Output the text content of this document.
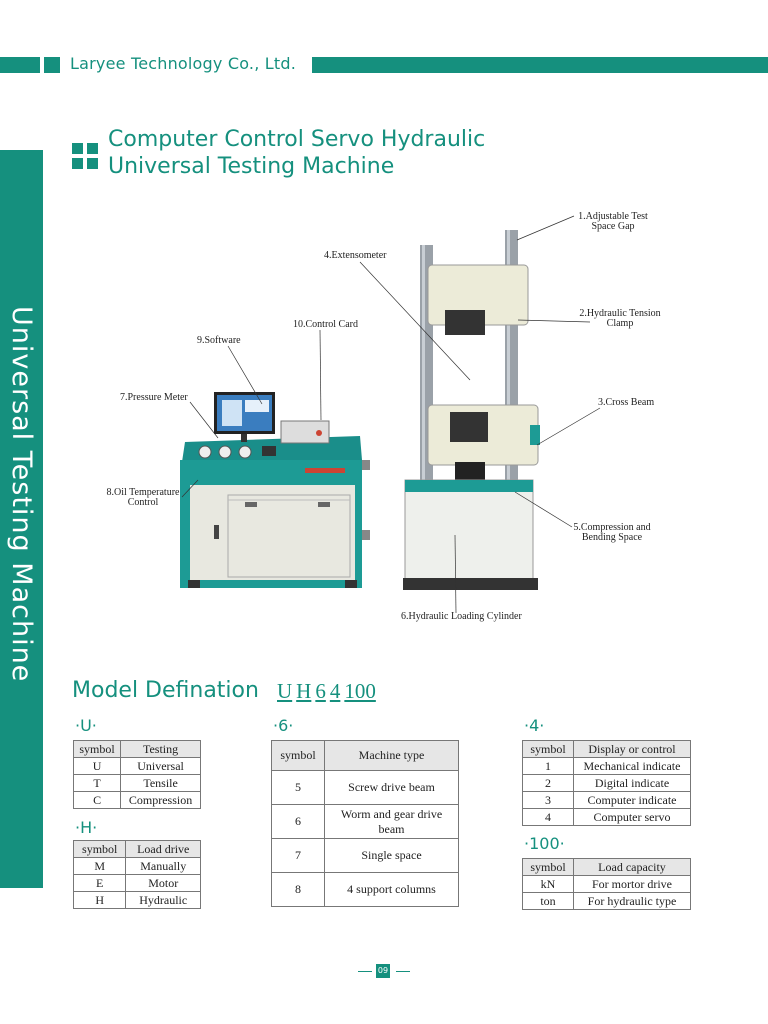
Laryee Technology Co., Ltd.
Computer Control Servo Hydraulic
Universal Testing Machine
Universal Testing Machine
1.Adjustable Test
Space Gap
2.Hydraulic Tension
Clamp
3.Cross Beam
4.Extensometer
5.Compression and
Bending Space
6.Hydraulic Loading Cylinder
7.Pressure Meter
8.Oil Temperature
Control
9.Software
10.Control Card
Model Defination U H 6 4 100
·U·
·H·
·6·	·4·
·100·
symbol	Testing
U	Universal
T	Tensile
C	Compression
symbol	Load drive
M	Manually
E	Motor
H	Hydraulic
symbol	Machine type
5	Screw drive beam
6	Worm and gear drive beam
7	Single space
8	4 support columns
symbol	Display or control
1	Mechanical indicate
2	Digital indicate
3	Computer indicate
4	Computer servo
symbol	Load capacity
kN	For mortor drive
ton	For hydraulic type
09
